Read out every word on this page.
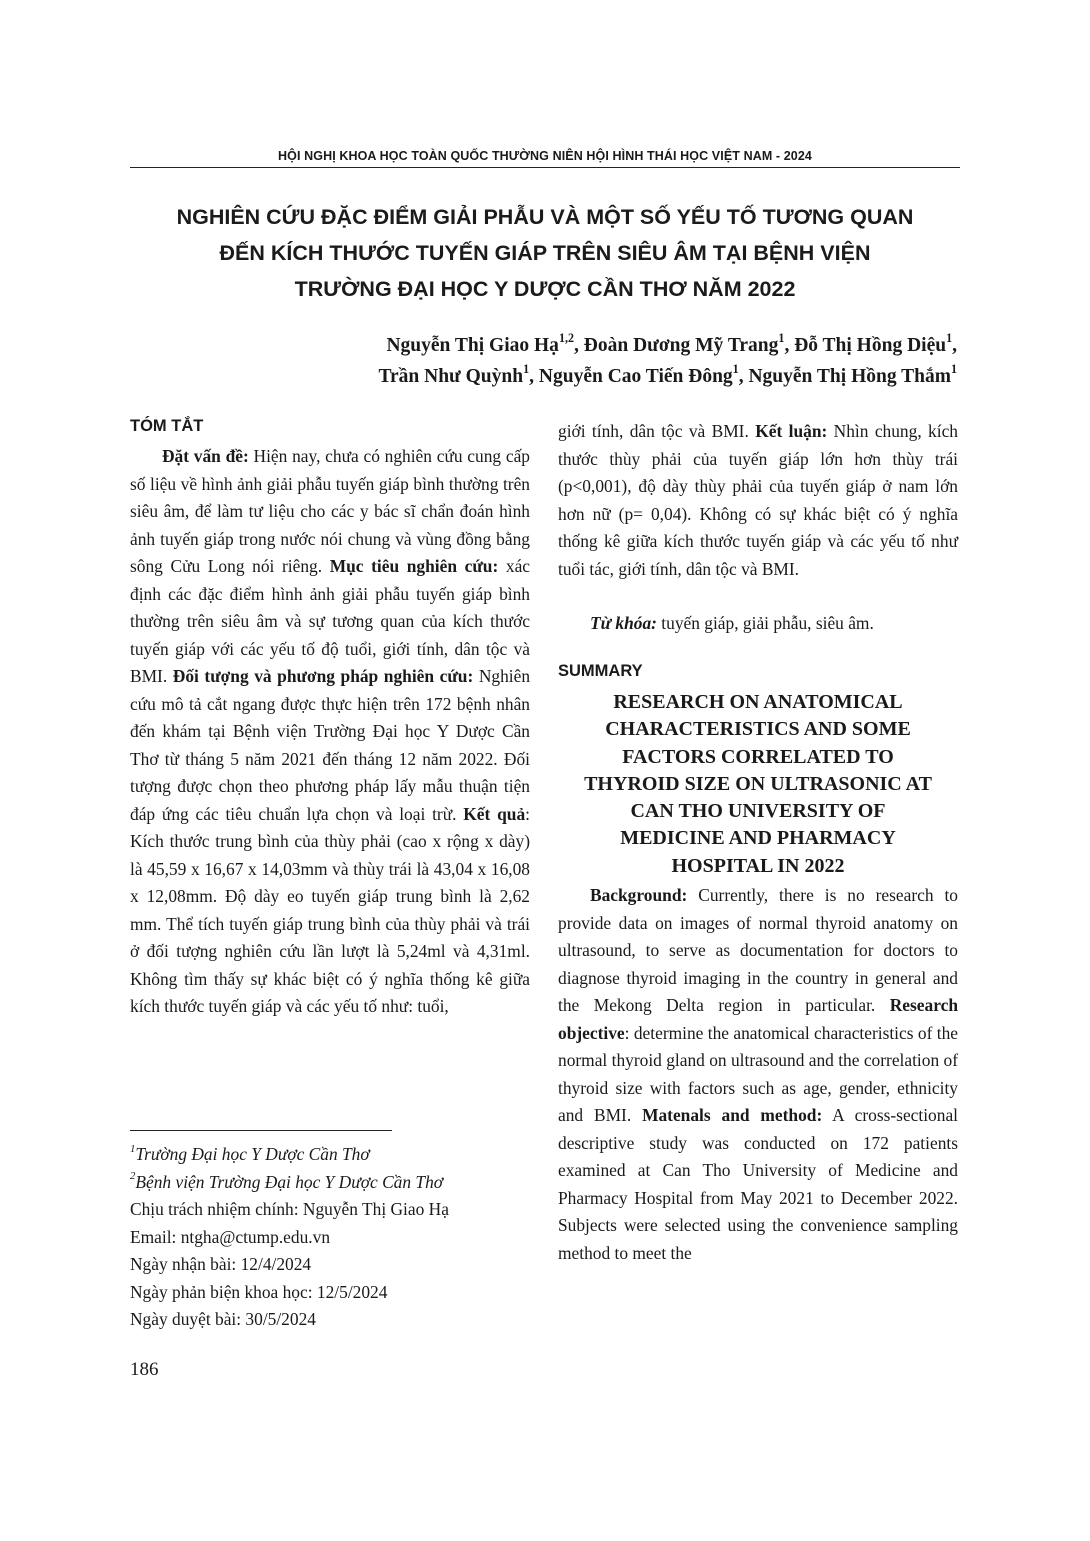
HỘI NGHỊ KHOA HỌC TOÀN QUỐC THƯỜNG NIÊN HỘI HÌNH THÁI HỌC VIỆT NAM - 2024
NGHIÊN CỨU ĐẶC ĐIỂM GIẢI PHẪU VÀ MỘT SỐ YẾU TỐ TƯƠNG QUAN
ĐẾN KÍCH THƯỚC TUYẾN GIÁP TRÊN SIÊU ÂM TẠI BỆNH VIỆN
TRƯỜNG ĐẠI HỌC Y DƯỢC CẦN THƠ NĂM 2022
Nguyễn Thị Giao Hạ$^{1,2}$, Đoàn Dương Mỹ Trang$^1$, Đỗ Thị Hồng Diệu$^1$,
Trần Như Quỳnh$^1$, Nguyễn Cao Tiến Đông$^1$, Nguyễn Thị Hồng Thắm$^1$
TÓM TẮT

Đặt vấn đề: Hiện nay, chưa có nghiên cứu cung cấp số liệu về hình ảnh giải phẫu tuyến giáp bình thường trên siêu âm, để làm tư liệu cho các y bác sĩ chẩn đoán hình ảnh tuyến giáp trong nước nói chung và vùng đồng bằng sông Cửu Long nói riêng. Mục tiêu nghiên cứu: xác định các đặc điểm hình ảnh giải phẫu tuyến giáp bình thường trên siêu âm và sự tương quan của kích thước tuyến giáp với các yếu tố độ tuổi, giới tính, dân tộc và BMI. Đối tượng và phương pháp nghiên cứu: Nghiên cứu mô tả cắt ngang được thực hiện trên 172 bệnh nhân đến khám tại Bệnh viện Trường Đại học Y Dược Cần Thơ từ tháng 5 năm 2021 đến tháng 12 năm 2022. Đối tượng được chọn theo phương pháp lấy mẫu thuận tiện đáp ứng các tiêu chuẩn lựa chọn và loại trừ. Kết quả: Kích thước trung bình của thùy phải (cao x rộng x dày) là 45,59 x 16,67 x 14,03mm và thùy trái là 43,04 x 16,08 x 12,08mm. Độ dày eo tuyến giáp trung bình là 2,62 mm. Thể tích tuyến giáp trung bình của thùy phải và trái ở đối tượng nghiên cứu lần lượt là 5,24ml và 4,31ml. Không tìm thấy sự khác biệt có ý nghĩa thống kê giữa kích thước tuyến giáp và các yếu tố như: tuổi,

$^1$Trường Đại học Y Dược Cần Thơ
$^2$Bệnh viện Trường Đại học Y Dược Cần Thơ
Chịu trách nhiệm chính: Nguyễn Thị Giao Hạ
Email: ntgha@ctump.edu.vn
Ngày nhận bài: 12/4/2024
Ngày phản biện khoa học: 12/5/2024
Ngày duyệt bài: 30/5/2024
186

giới tính, dân tộc và BMI. Kết luận: Nhìn chung, kích thước thùy phải của tuyến giáp lớn hơn thùy trái (p<0,001), độ dày thùy phải của tuyến giáp ở nam lớn hơn nữ (p= 0,04). Không có sự khác biệt có ý nghĩa thống kê giữa kích thước tuyến giáp và các yếu tố như tuổi tác, giới tính, dân tộc và BMI.

Từ khóa: tuyến giáp, giải phẫu, siêu âm.

SUMMARY
RESEARCH ON ANATOMICAL
CHARACTERISTICS AND SOME
FACTORS CORRELATED TO
THYROID SIZE ON ULTRASONIC AT
CAN THO UNIVERSITY OF
MEDICINE AND PHARMACY
HOSPITAL IN 2022

Background: Currently, there is no research to provide data on images of normal thyroid anatomy on ultrasound, to serve as documentation for doctors to diagnose thyroid imaging in the country in general and the Mekong Delta region in particular. Research objective: determine the anatomical characteristics of the normal thyroid gland on ultrasound and the correlation of thyroid size with factors such as age, gender, ethnicity and BMI. Matenals and method: A cross-sectional descriptive study was conducted on 172 patients examined at Can Tho University of Medicine and Pharmacy Hospital from May 2021 to December 2022. Subjects were selected using the convenience sampling method to meet the
